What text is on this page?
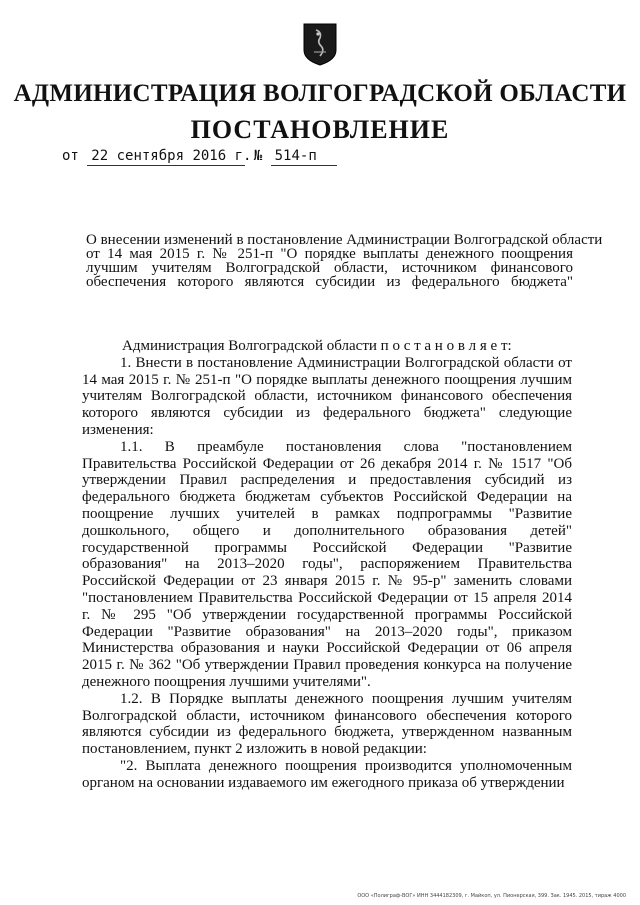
АДМИНИСТРАЦИЯ ВОЛГОГРАДСКОЙ ОБЛАСТИ
ПОСТАНОВЛЕНИЕ
от 22 сентября 2016 г. № 514-п
О внесении изменений в постановление Администрации Волгоградской области
от 14 мая 2015 г. № 251-п "О порядке выплаты денежного поощрения
лучшим учителям Волгоградской области, источником финансового
обеспечения которого являются субсидии из федерального бюджета"

Администрация Волгоградской области п о с т а н о в л я е т:

1. Внести в постановление Администрации Волгоградской области от 14 мая 2015 г. № 251-п "О порядке выплаты денежного поощрения лучшим учителям Волгоградской области, источником финансового обеспечения которого являются субсидии из федерального бюджета" следующие изменения:

1.1. В преамбуле постановления слова "постановлением Правительства Российской Федерации от 26 декабря 2014 г. № 1517 "Об утверждении Правил распределения и предоставления субсидий из федерального бюджета бюджетам субъектов Российской Федерации на поощрение лучших учителей в рамках подпрограммы "Развитие дошкольного, общего и дополнительного образования детей" государственной программы Российской Федерации "Развитие образования" на 2013–2020 годы", распоряжением Правительства Российской Федерации от 23 января 2015 г. № 95-р" заменить словами "постановлением Правительства Российской Федерации от 15 апреля 2014 г. № 295 "Об утверждении государственной программы Российской Федерации "Развитие образования" на 2013–2020 годы", приказом Министерства образования и науки Российской Федерации от 06 апреля 2015 г. № 362 "Об утверждении Правил проведения конкурса на получение денежного поощрения лучшими учителями".

1.2. В Порядке выплаты денежного поощрения лучшим учителям Волгоградской области, источником финансового обеспечения которого являются субсидии из федерального бюджета, утвержденном названным постановлением, пункт 2 изложить в новой редакции:

"2. Выплата денежного поощрения производится уполномоченным органом на основании издаваемого им ежегодного приказа об утверждении

ООО «Полиграф-ВОГ» ИНН 3444182309, г. Майкоп, ул. Пионерская, 399. Зак. 1945. 2015, тираж 4000
